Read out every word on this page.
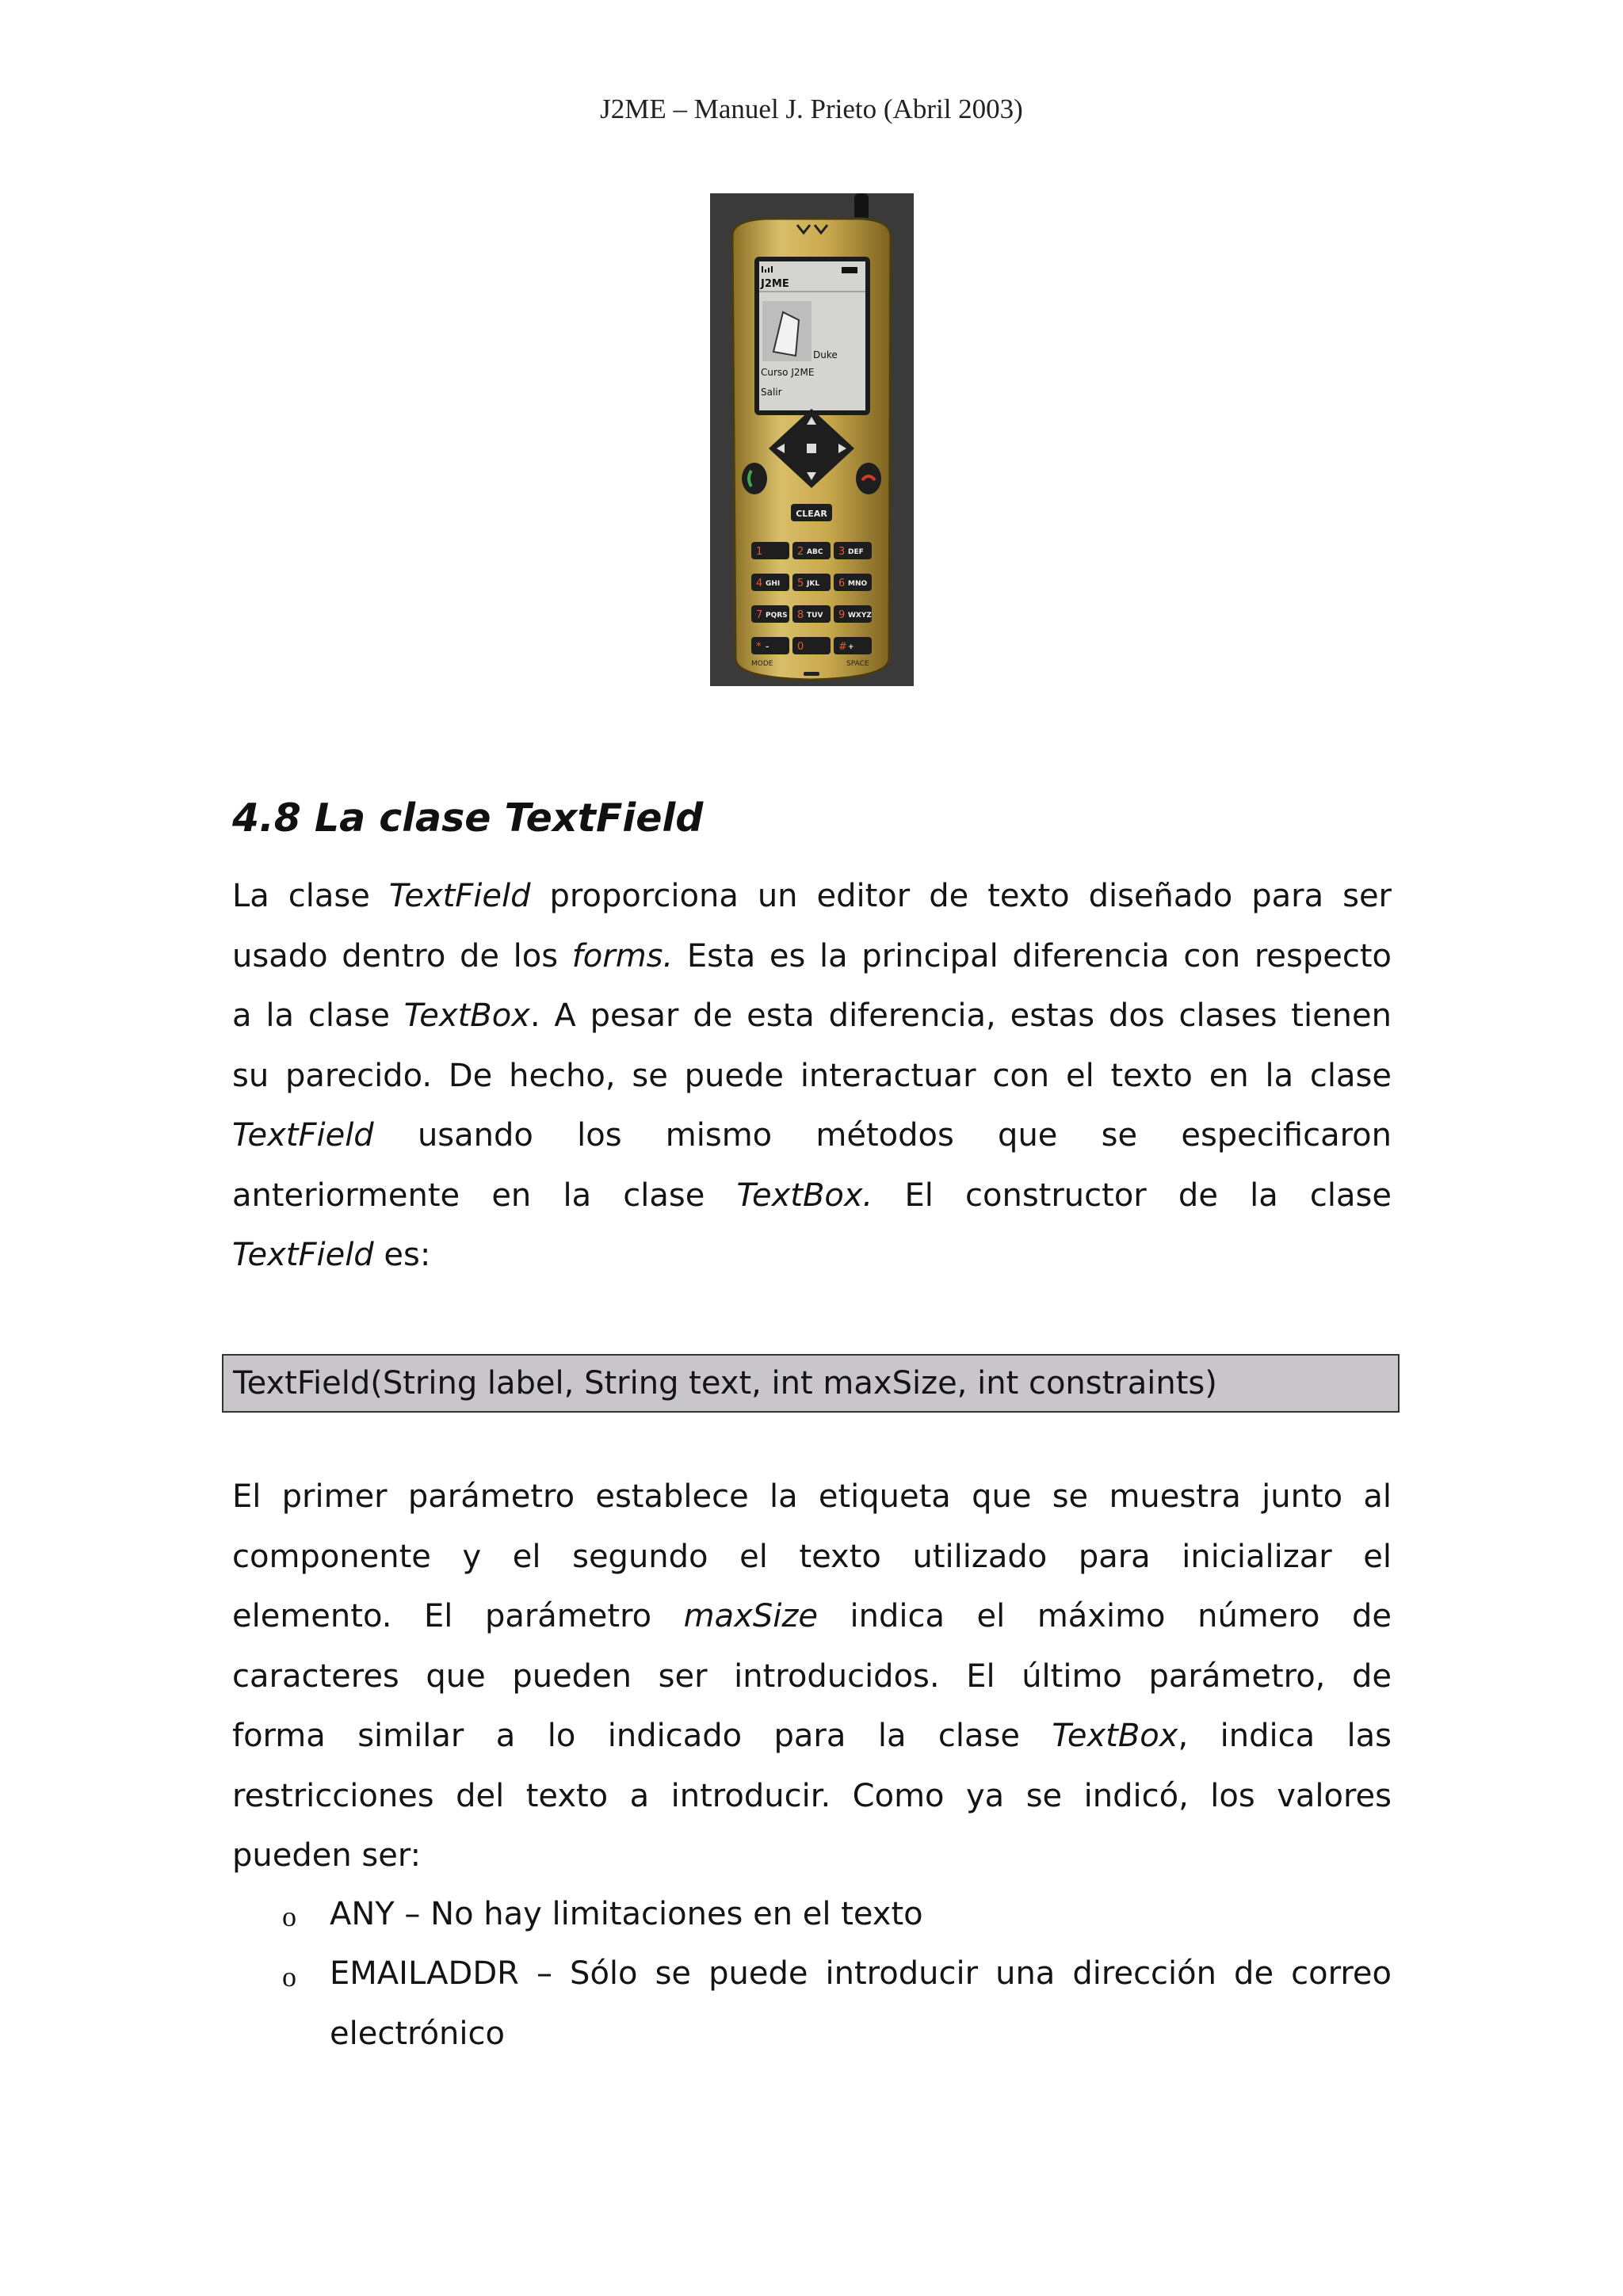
J2ME – Manuel J. Prieto (Abril 2003)
J2ME
Duke
Curso J2ME
Salir
CLEAR
1	2 ABC 3 DEF
4 GHI 5 JKL 6 MNO
7 PQRS 8 TUV 9 WXYZ
* –	0	# +
MODE	SPACE
4.8 La clase TextField
La clase TextField proporciona un editor de texto diseñado para ser
usado dentro de los forms. Esta es la principal diferencia con respecto
a la clase TextBox. A pesar de esta diferencia, estas dos clases tienen
su parecido. De hecho, se puede interactuar con el texto en la clase
TextField usando los mismo métodos que se especificaron
anteriormente en la clase TextBox. El constructor de la clase
TextField es:
TextField(String label, String text, int maxSize, int constraints)
El primer parámetro establece la etiqueta que se muestra junto al
componente y el segundo el texto utilizado para inicializar el
elemento. El parámetro maxSize indica el máximo número de
caracteres que pueden ser introducidos. El último parámetro, de
forma similar a lo indicado para la clase TextBox, indica las
restricciones del texto a introducir. Como ya se indicó, los valores
pueden ser:
o ANY – No hay limitaciones en el texto
o EMAILADDR – Sólo se puede introducir una dirección de correo
electrónico
